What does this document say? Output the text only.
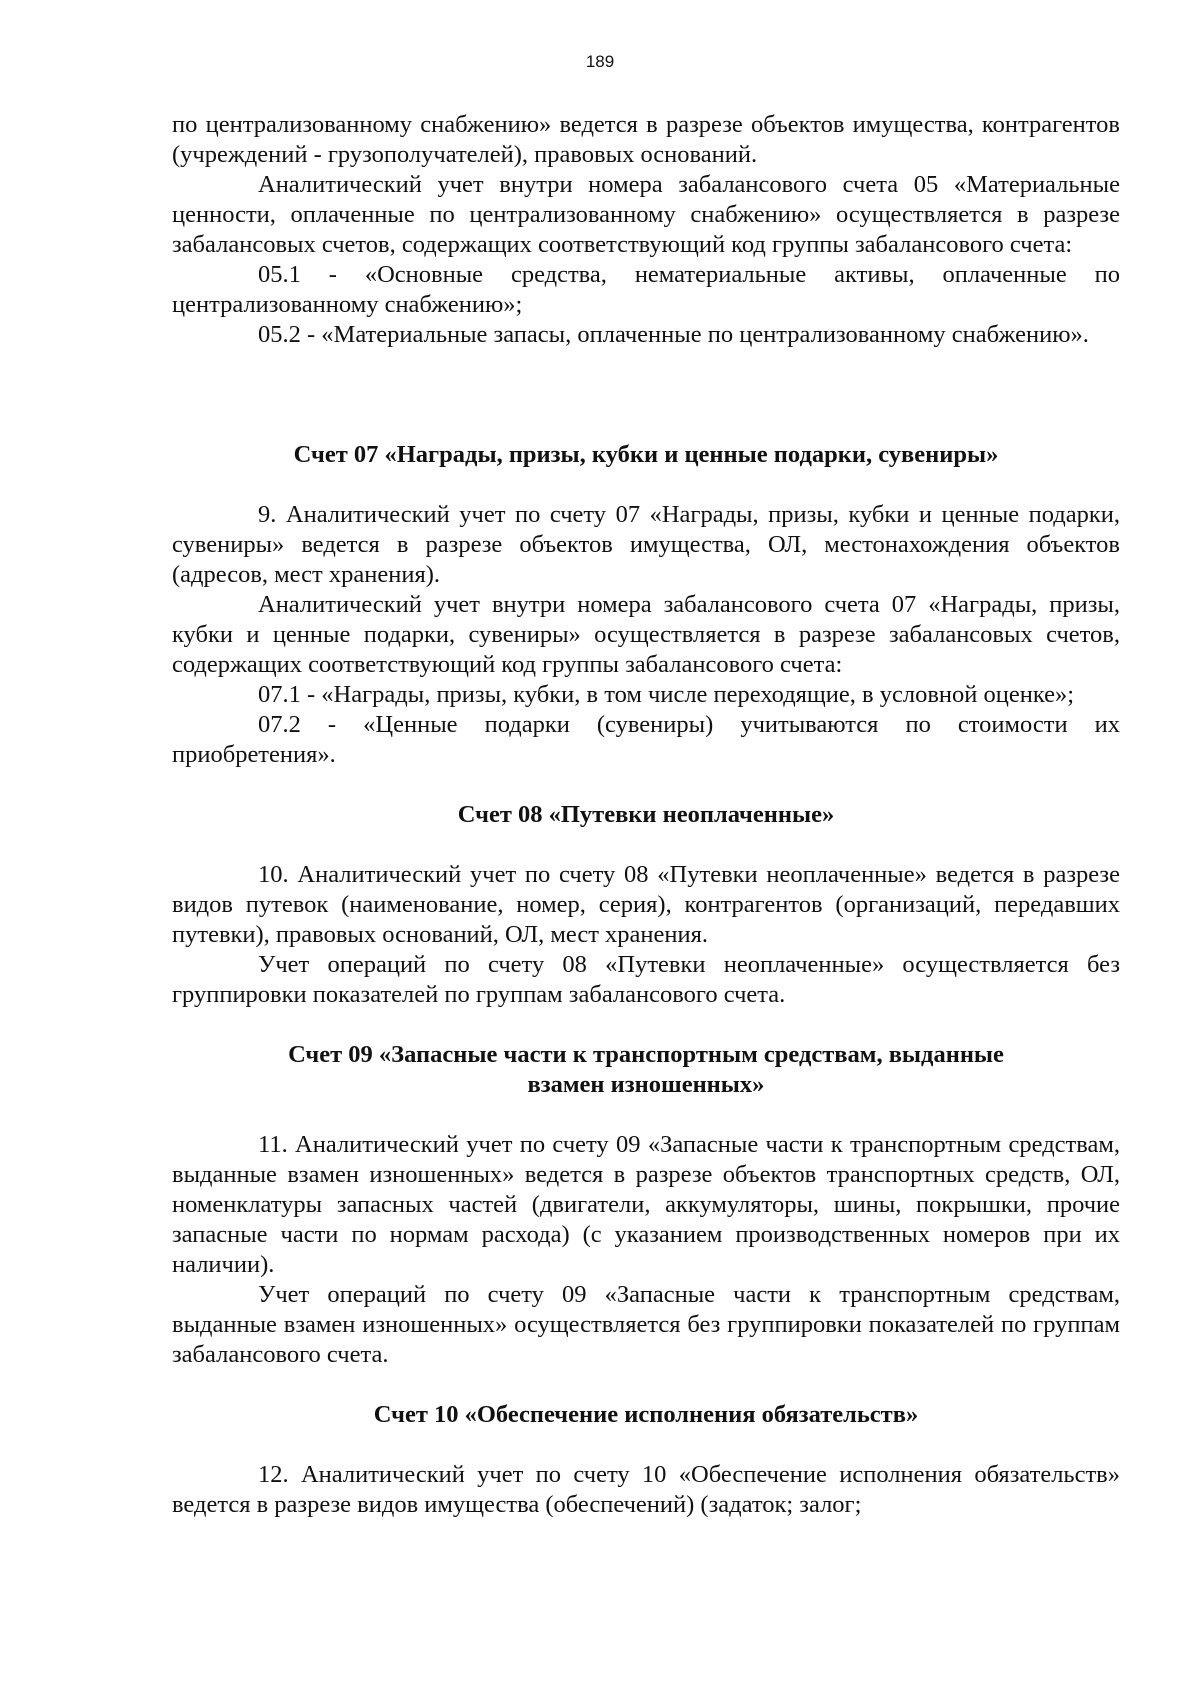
189

по централизованному снабжению» ведется в разрезе объектов имущества, контрагентов (учреждений - грузополучателей), правовых оснований.

Аналитический учет внутри номера забалансового счета 05 «Материальные ценности, оплаченные по централизованному снабжению» осуществляется в разрезе забалансовых счетов, содержащих соответствующий код группы забалансового счета:

05.1 - «Основные средства, нематериальные активы, оплаченные по централизованному снабжению»;

05.2 - «Материальные запасы, оплаченные по централизованному снабжению».

Счет 07 «Награды, призы, кубки и ценные подарки, сувениры»

9. Аналитический учет по счету 07 «Награды, призы, кубки и ценные подарки, сувениры» ведется в разрезе объектов имущества, ОЛ, местонахождения объектов (адресов, мест хранения).

Аналитический учет внутри номера забалансового счета 07 «Награды, призы, кубки и ценные подарки, сувениры» осуществляется в разрезе забалансовых счетов, содержащих соответствующий код группы забалансового счета:

07.1 - «Награды, призы, кубки, в том числе переходящие, в условной оценке»;

07.2 - «Ценные подарки (сувениры) учитываются по стоимости их приобретения».

Счет 08 «Путевки неоплаченные»

10. Аналитический учет по счету 08 «Путевки неоплаченные» ведется в разрезе видов путевок (наименование, номер, серия), контрагентов (организаций, передавших путевки), правовых оснований, ОЛ, мест хранения.

Учет операций по счету 08 «Путевки неоплаченные» осуществляется без группировки показателей по группам забалансового счета.

Счет 09 «Запасные части к транспортным средствам, выданные взамен изношенных»

11. Аналитический учет по счету 09 «Запасные части к транспортным средствам, выданные взамен изношенных» ведется в разрезе объектов транспортных средств, ОЛ, номенклатуры запасных частей (двигатели, аккумуляторы, шины, покрышки, прочие запасные части по нормам расхода) (с указанием производственных номеров при их наличии).

Учет операций по счету 09 «Запасные части к транспортным средствам, выданные взамен изношенных» осуществляется без группировки показателей по группам забалансового счета.

Счет 10 «Обеспечение исполнения обязательств»

12. Аналитический учет по счету 10 «Обеспечение исполнения обязательств» ведется в разрезе видов имущества (обеспечений) (задаток; залог;
